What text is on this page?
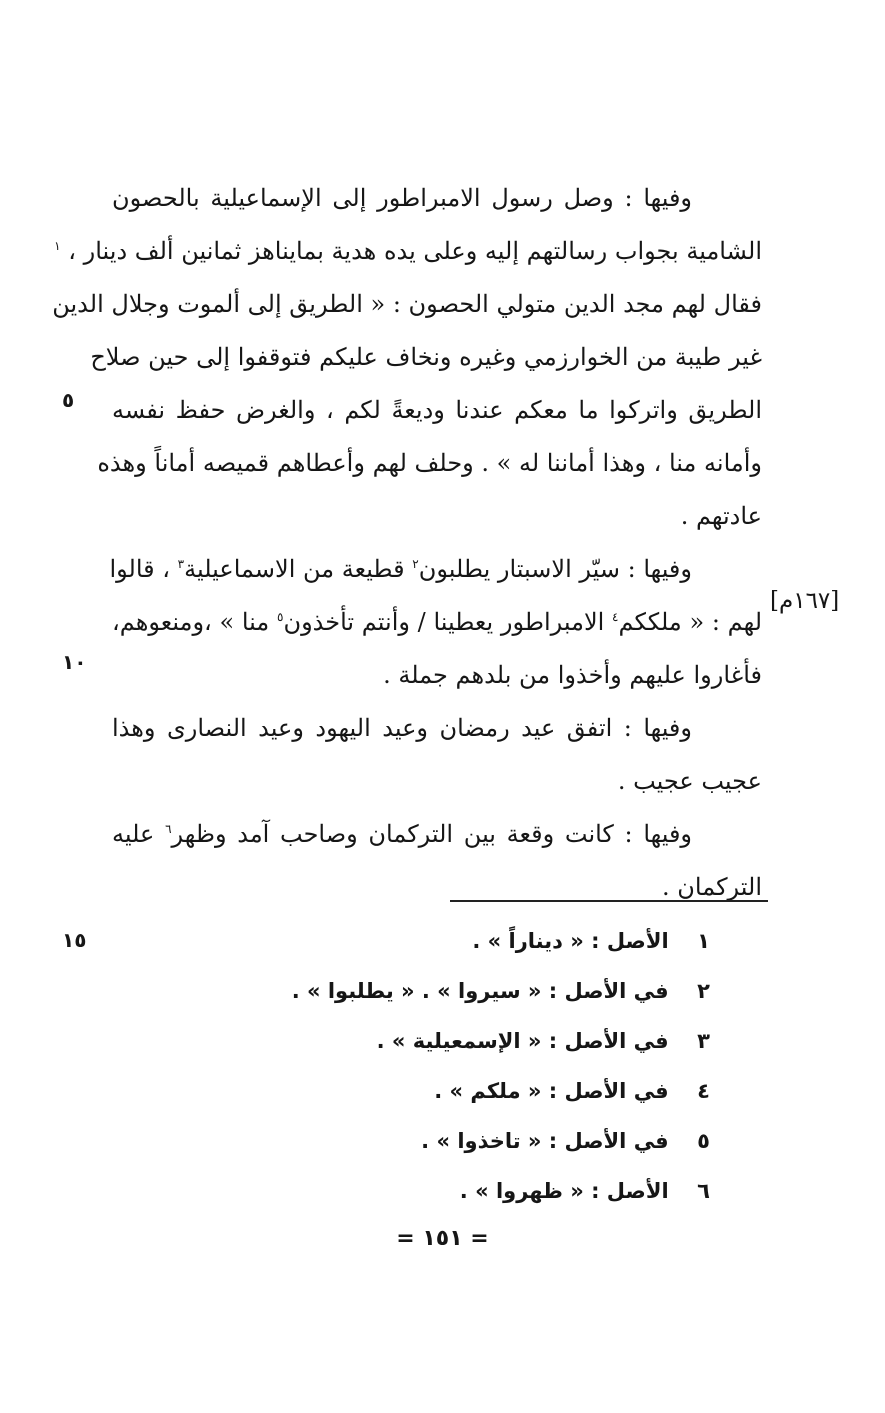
وفيها : وصل رسول الامبراطور إلى الإسماعيلية بالحصون
الشامية بجواب رسالتهم إليه وعلى يده هدية بمايناهز ثمانين ألف دينار ، $^١$
فقال لهم مجد الدين متولي الحصون : « الطريق إلى ألموت وجلال الدين
غير طيبة من الخوارزمي وغيره ونخاف عليكم فتوقفوا إلى حين صلاح
الطريق واتركوا ما معكم عندنا وديعةً لكم ، والغرض حفظ نفسه
وأمانه منا ، وهذا أماننا له » . وحلف لهم وأعطاهم قميصه أماناً وهذه
عادتهم .
وفيها : سيّر الاسبتار يطلبون$^٢$ قطيعة من الاسماعيلية$^٣$ ، قالوا
لهم : « ملككم$^٤$ الامبراطور يعطينا / وأنتم تأخذون$^٥$ منا » ،ومنعوهم،
فأغاروا عليهم وأخذوا من بلدهم جملة .
وفيها : اتفق عيد رمضان وعيد اليهود وعيد النصارى وهذا
عجيب عجيب .
وفيها : كانت وقعة بين التركمان وصاحب آمد وظهر$^٦$ عليه
التركمان .
٥
١٠
١٥
[١٦٧م]
١ الأصل : « ديناراً » .
٢ في الأصل : « سيروا » . « يطلبوا » .
٣ في الأصل : « الإسمعيلية » .
٤ في الأصل : « ملكم » .
٥ في الأصل : « تاخذوا » .
٦ الأصل : « ظهروا » .
= ١٥١ =
